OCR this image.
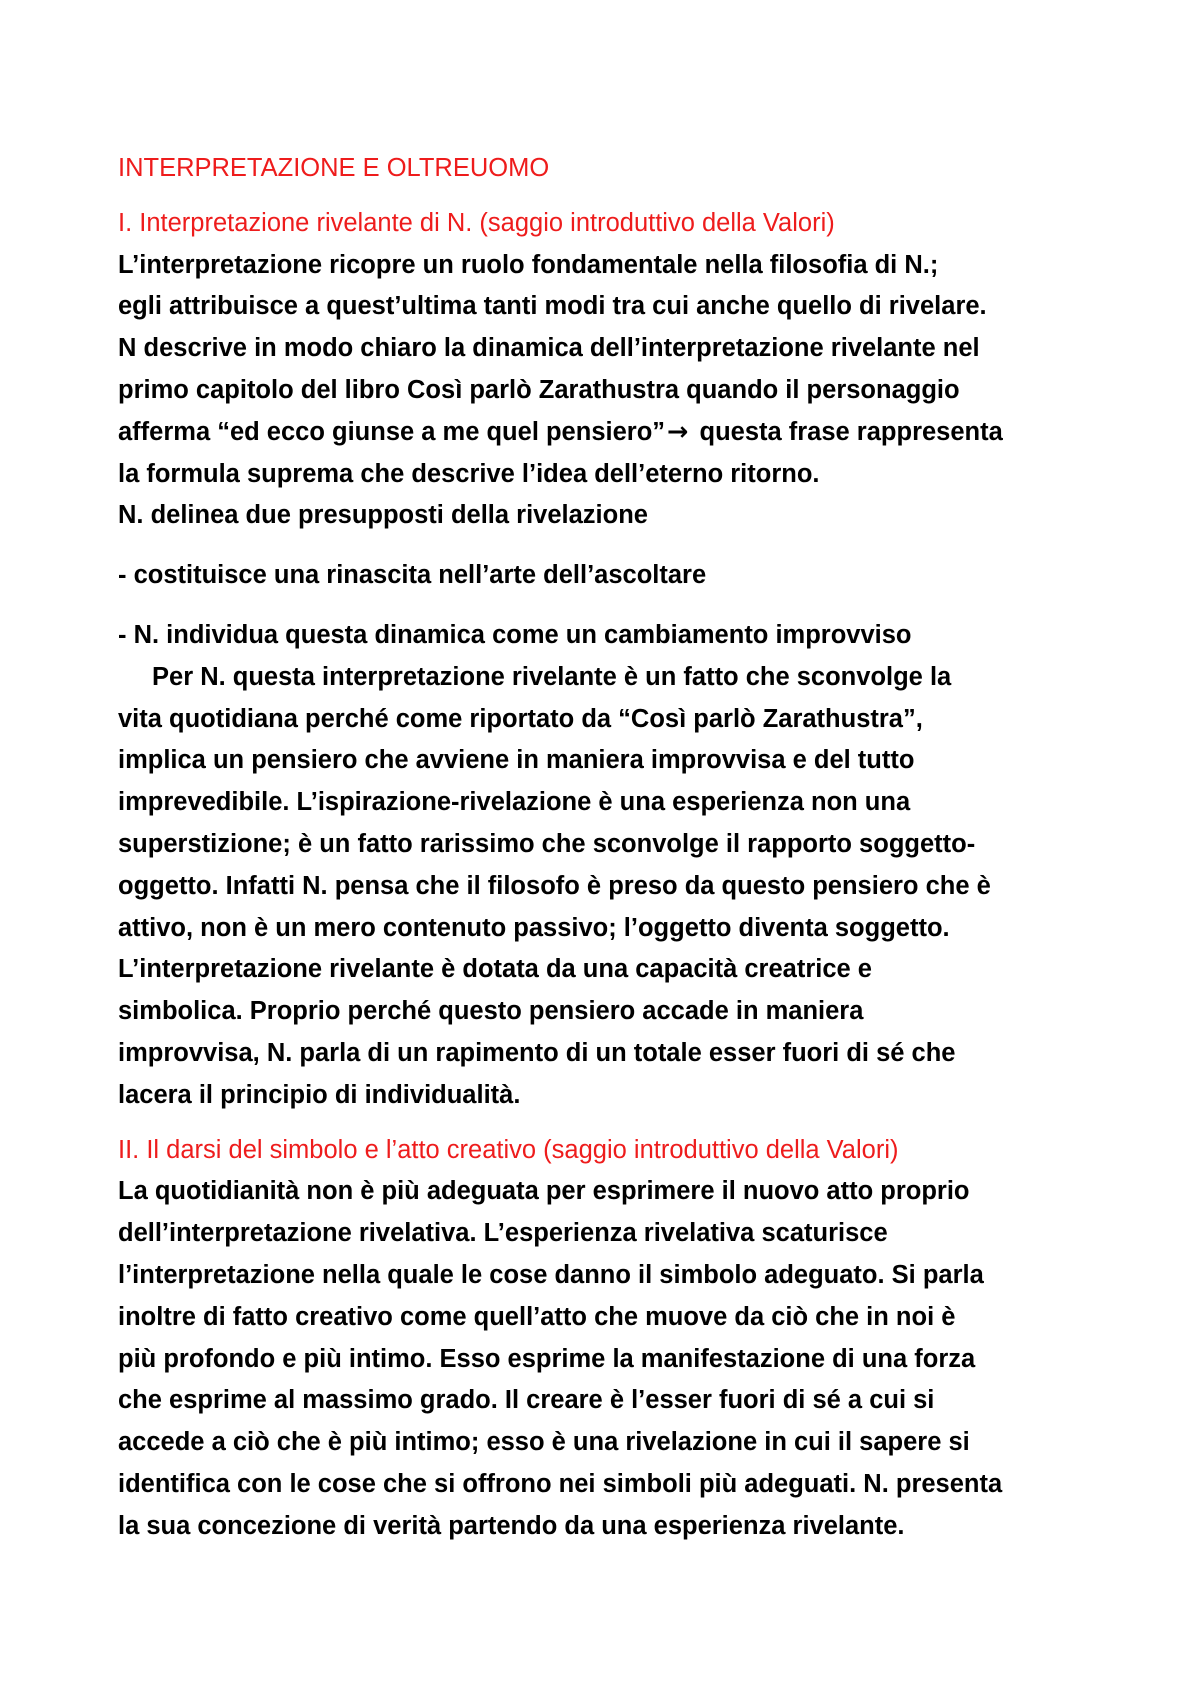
INTERPRETAZIONE E OLTREUOMO
I. Interpretazione rivelante di N. (saggio introduttivo della Valori)
L’interpretazione ricopre un ruolo fondamentale nella filosofia di N.;
egli attribuisce a quest’ultima tanti modi tra cui anche quello di rivelare.
N descrive in modo chiaro la dinamica dell’interpretazione rivelante nel
primo capitolo del libro Così parlò Zarathustra quando il personaggio
afferma “ed ecco giunse a me quel pensiero”→ questa frase rappresenta
la formula suprema che descrive l’idea dell’eterno ritorno.
N. delinea due presupposti della rivelazione
- costituisce una rinascita nell’arte dell’ascoltare
- N. individua questa dinamica come un cambiamento improvviso
Per N. questa interpretazione rivelante è un fatto che sconvolge la
vita quotidiana perché come riportato da “Così parlò Zarathustra”,
implica un pensiero che avviene in maniera improvvisa e del tutto
imprevedibile. L’ispirazione-rivelazione è una esperienza non una
superstizione; è un fatto rarissimo che sconvolge il rapporto soggetto-
oggetto. Infatti N. pensa che il filosofo è preso da questo pensiero che è
attivo, non è un mero contenuto passivo; l’oggetto diventa soggetto.
L’interpretazione rivelante è dotata da una capacità creatrice e
simbolica. Proprio perché questo pensiero accade in maniera
improvvisa, N. parla di un rapimento di un totale esser fuori di sé che
lacera il principio di individualità.
II. Il darsi del simbolo e l’atto creativo (saggio introduttivo della Valori)
La quotidianità non è più adeguata per esprimere il nuovo atto proprio
dell’interpretazione rivelativa. L’esperienza rivelativa scaturisce
l’interpretazione nella quale le cose danno il simbolo adeguato. Si parla
inoltre di fatto creativo come quell’atto che muove da ciò che in noi è
più profondo e più intimo. Esso esprime la manifestazione di una forza
che esprime al massimo grado. Il creare è l’esser fuori di sé a cui si
accede a ciò che è più intimo; esso è una rivelazione in cui il sapere si
identifica con le cose che si offrono nei simboli più adeguati. N. presenta
la sua concezione di verità partendo da una esperienza rivelante.
